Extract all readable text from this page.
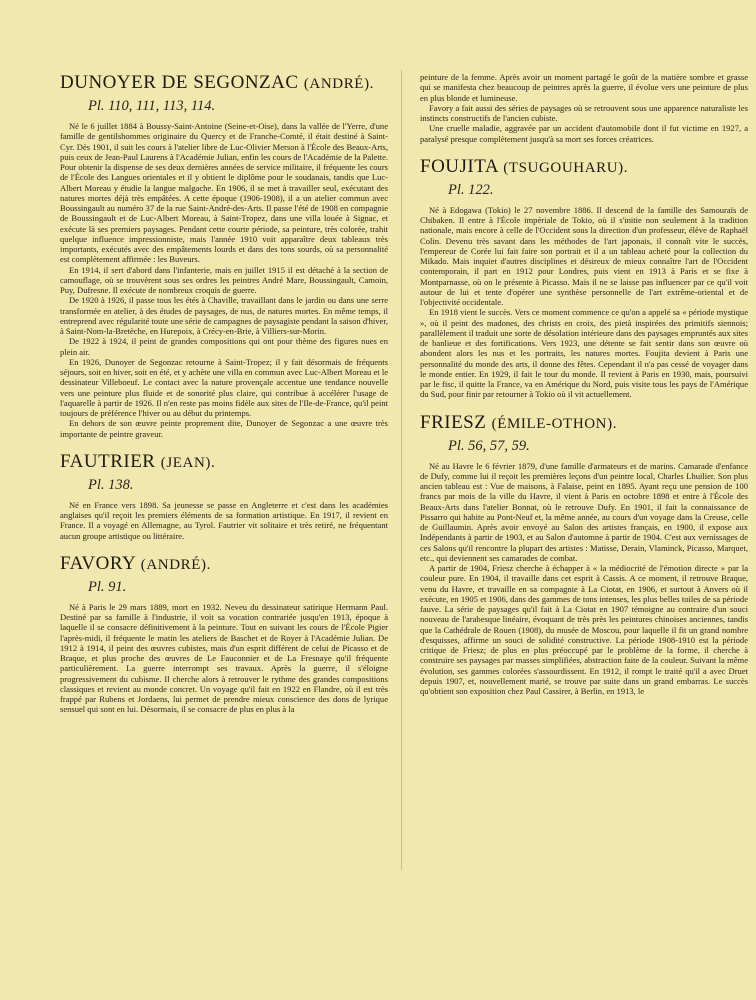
DUNOYER DE SEGONZAC (ANDRÉ).
Pl. 110, 111, 113, 114.

Né le 6 juillet 1884 à Boussy-Saint-Antoine (Seine-et-Oise), dans la vallée de l'Yerre, d'une famille de gentilshommes originaire du Quercy et de Franche-Comté, il était destiné à Saint-Cyr. Dès 1901, il suit les cours à l'atelier libre de Luc-Olivier Merson à l'École des Beaux-Arts, puis ceux de Jean-Paul Laurens à l'Académie Julian, enfin les cours de l'Académie de la Palette. Pour obtenir la dispense de ses deux dernières années de service militaire, il fréquente les cours de l'École des Langues orientales et il y obtient le diplôme pour le soudanais, tandis que Luc-Albert Moreau y étudie la langue malgache. En 1906, il se met à travailler seul, exécutant des natures mortes déjà très empâtées. A cette époque (1906-1908), il a un atelier commun avec Boussingault au numéro 37 de la rue Saint-André-des-Arts. Il passe l'été de 1908 en compagnie de Boussingault et de Luc-Albert Moreau, à Saint-Tropez, dans une villa louée à Signac, et exécute là ses premiers paysages. Pendant cette courte période, sa peinture, très colorée, trahit quelque influence impressionniste, mais l'année 1910 voit apparaître deux tableaux très importants, exécutés avec des empâtements lourds et dans des tons sourds, où sa personnalité est complètement affirmée : les Buveurs.

En 1914, il sert d'abord dans l'infanterie, mais en juillet 1915 il est détaché à la section de camouflage, où se trouvèrent sous ses ordres les peintres André Mare, Boussingault, Camoin, Puy, Dufresne. Il exécute de nombreux croquis de guerre.

De 1920 à 1926, il passe tous les étés à Chaville, travaillant dans le jardin ou dans une serre transformée en atelier, à des études de paysages, de nus, de natures mortes. En même temps, il entreprend avec régularité toute une série de campagnes de paysagiste pendant la saison d'hiver, à Saint-Nom-la-Bretèche, en Hurepoix, à Crécy-en-Brie, à Villiers-sur-Morin.

De 1922 à 1924, il peint de grandes compositions qui ont pour thème des figures nues en plein air.

En 1926, Dunoyer de Segonzac retourne à Saint-Tropez; il y fait désormais de fréquents séjours, soit en hiver, soit en été, et y achète une villa en commun avec Luc-Albert Moreau et le dessinateur Villeboeuf. Le contact avec la nature provençale accentue une tendance nouvelle vers une peinture plus fluide et de sonorité plus claire, qui contribue à accélérer l'usage de l'aquarelle à partir de 1926. Il n'en reste pas moins fidèle aux sites de l'Ile-de-France, qu'il peint toujours de préférence l'hiver ou au début du printemps.

En dehors de son œuvre peinte proprement dite, Dunoyer de Segonzac a une œuvre très importante de peintre graveur.

FAUTRIER (JEAN).
Pl. 138.

Né en France vers 1898. Sa jeunesse se passe en Angleterre et c'est dans les académies anglaises qu'il reçoit les premiers éléments de sa formation artistique. En 1917, il revient en France. Il a voyagé en Allemagne, au Tyrol. Fautrier vit solitaire et très retiré, ne fréquentant aucun groupe artistique ou littéraire.

FAVORY (ANDRÉ).
Pl. 91.

Né à Paris le 29 mars 1889, mort en 1932. Neveu du dessinateur satirique Hermann Paul. Destiné par sa famille à l'industrie, il voit sa vocation contrariée jusqu'en 1913, époque à laquelle il se consacre définitivement à la peinture. Tout en suivant les cours de l'École Pigier l'après-midi, il fréquente le matin les ateliers de Baschet et de Royer à l'Académie Julian. De 1912 à 1914, il peint des œuvres cubistes, mais d'un esprit différent de celui de Picasso et de Braque, et plus proche des œuvres de Le Fauconnier et de La Fresnaye qu'il fréquente particulièrement. La guerre interrompt ses travaux. Après la guerre, il s'éloigne progressivement du cubisme. Il cherche alors à retrouver le rythme des grandes compositions classiques et revient au monde concret. Un voyage qu'il fait en 1922 en Flandre, où il est très frappé par Rubens et Jordaens, lui permet de prendre mieux conscience des dons de lyrique sensuel qui sont en lui. Désormais, il se consacre de plus en plus à la

peinture de la femme. Après avoir un moment partagé le goût de la matière sombre et grasse qui se manifesta chez beaucoup de peintres après la guerre, il évolue vers une peinture de plus en plus blonde et lumineuse.

Favory a fait aussi des séries de paysages où se retrouvent sous une apparence naturaliste les instincts constructifs de l'ancien cubiste.

Une cruelle maladie, aggravée par un accident d'automobile dont il fut victime en 1927, a paralysé presque complètement jusqu'à sa mort ses forces créatrices.

FOUJITA (TSUGOUHARU).
Pl. 122.

Né à Edogawa (Tokio) le 27 novembre 1886. Il descend de la famille des Samouraïs de Chibaken. Il entre à l'École impériale de Tokio, où il s'initie non seulement à la tradition nationale, mais encore à celle de l'Occident sous la direction d'un professeur, élève de Raphaël Colin. Devenu très savant dans les méthodes de l'art japonais, il connaît vite le succès, l'empereur de Corée lui fait faire son portrait et il a un tableau acheté pour la collection du Mikado. Mais inquiet d'autres disciplines et désireux de mieux connaître l'art de l'Occident contemporain, il part en 1912 pour Londres, puis vient en 1913 à Paris et se fixe à Montparnasse, où on le présente à Picasso. Mais il ne se laisse pas influencer par ce qu'il voit autour de lui et tente d'opérer une synthèse personnelle de l'art extrême-oriental et de l'objectivité occidentale.

En 1918 vient le succès. Vers ce moment commence ce qu'on a appelé sa « période mystique », où il peint des madones, des christs en croix, des pietà inspirées des primitifs siennois; parallèlement il traduit une sorte de désolation intérieure dans des paysages empruntés aux sites de banlieue et des fortifications. Vers 1923, une détente se fait sentir dans son œuvre où abondent alors les nus et les portraits, les natures mortes. Foujita devient à Paris une personnalité du monde des arts, il donne des fêtes. Cependant il n'a pas cessé de voyager dans le monde entier. En 1929, il fait le tour du monde. Il revient à Paris en 1930, mais, poursuivi par le fisc, il quitte la France, va en Amérique du Nord, puis visite tous les pays de l'Amérique du Sud, pour finir par retourner à Tokio où il vit actuellement.

FRIESZ (ÉMILE-OTHON).
Pl. 56, 57, 59.

Né au Havre le 6 février 1879, d'une famille d'armateurs et de marins. Camarade d'enfance de Dufy, comme lui il reçoit les premières leçons d'un peintre local, Charles Lhuilier. Son plus ancien tableau est : Vue de maisons, à Falaise, peint en 1895. Ayant reçu une pension de 100 francs par mois de la ville du Havre, il vient à Paris en octobre 1898 et entre à l'École des Beaux-Arts dans l'atelier Bonnat, où le retrouve Dufy. En 1901, il fait la connaissance de Pissarro qui habite au Pont-Neuf et, la même année, au cours d'un voyage dans la Creuse, celle de Guillaumin. Après avoir envoyé au Salon des artistes français, en 1900, il expose aux Indépendants à partir de 1903, et au Salon d'automne à partir de 1904. C'est aux vernissages de ces Salons qu'il rencontre la plupart des artistes : Matisse, Derain, Vlaminck, Picasso, Marquet, etc., qui deviennent ses camarades de combat.

A partir de 1904, Friesz cherche à échapper à « la médiocrité de l'émotion directe » par la couleur pure. En 1904, il travaille dans cet esprit à Cassis. A ce moment, il retrouve Braque, venu du Havre, et travaille en sa compagnie à La Ciotat, en 1906, et surtout à Anvers où il exécute, en 1905 et 1906, dans des gammes de tons intenses, les plus belles toiles de sa période fauve. La série de paysages qu'il fait à La Ciotat en 1907 témoigne au contraire d'un souci nouveau de l'arabesque linéaire, évoquant de très près les peintures chinoises anciennes, tandis que la Cathédrale de Rouen (1908), du musée de Moscou, pour laquelle il fit un grand nombre d'esquisses, affirme un souci de solidité constructive. La période 1908-1910 est la période critique de Friesz; de plus en plus préoccupé par le problème de la forme, il cherche à construire ses paysages par masses simplifiées, abstraction faite de la couleur. Suivant la même évolution, ses gammes colorées s'assourdissent. En 1912, il rompt le traité qu'il a avec Druet depuis 1907, et, nouvellement marié, se trouve par suite dans un grand embarras. Le succès qu'obtient son exposition chez Paul Cassirer, à Berlin, en 1913, le
